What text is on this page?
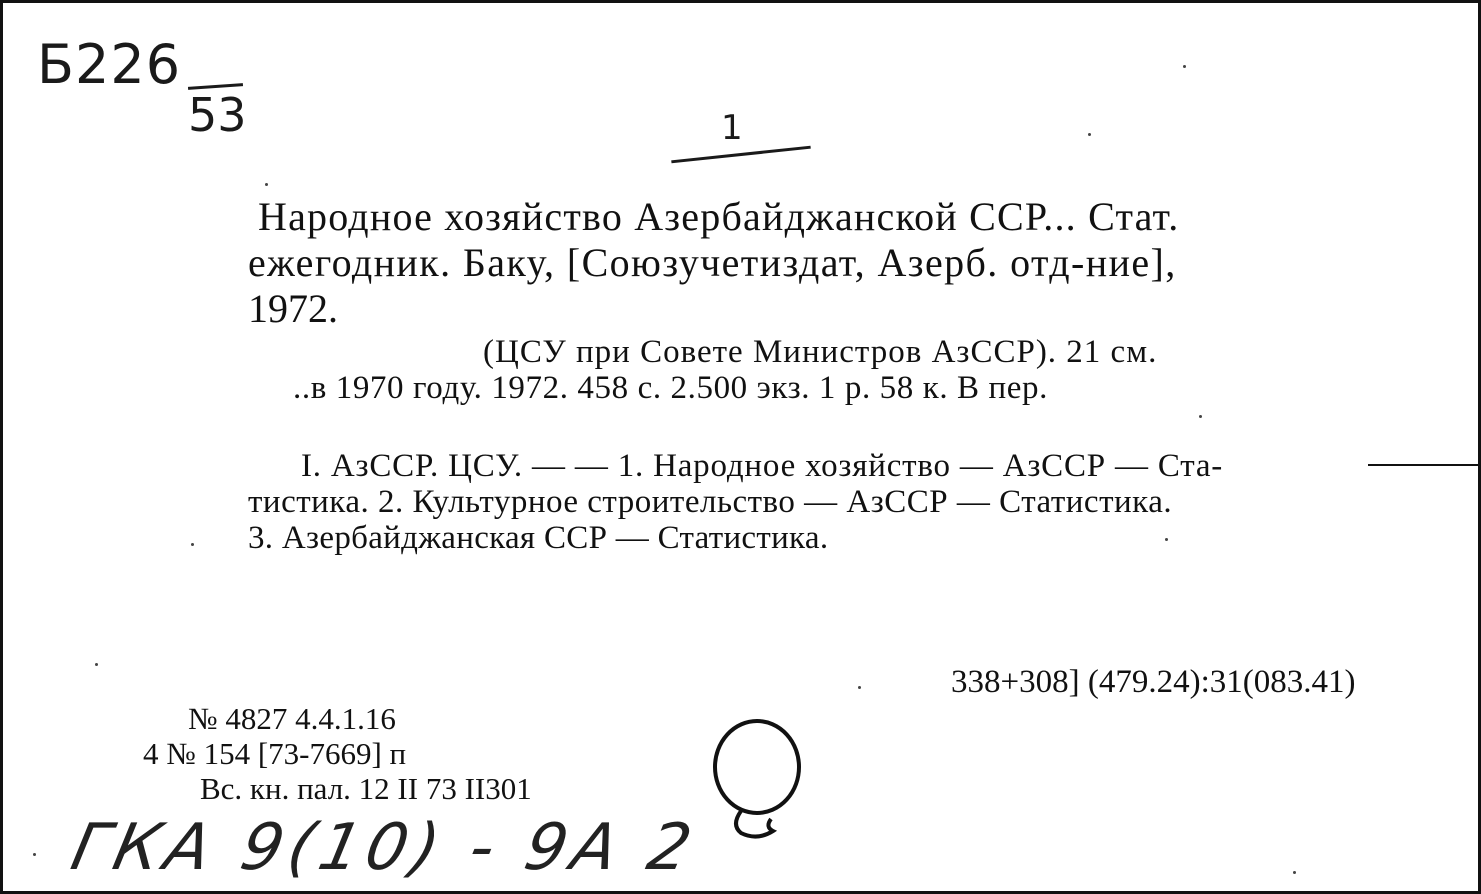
Б226
53	1

Народное хозяйство Азербайджанской ССР... Стат.

ежегодник. Баку, [Союзучетиздат, Азерб. отд-ние],

1972.

(ЦСУ при Совете Министров АзССР). 21 см.

..в 1970 году. 1972. 458 с. 2.500 экз. 1 р. 58 к. В пер.

I. АзССР. ЦСУ. — — 1. Народное хозяйство — АзССР — Ста-

тистика. 2. Культурное строительство — АзССР — Статистика.

3. Азербайджанская ССР — Статистика.

338+308] (479.24):31(083.41)

№ 4827 4.4.1.16

4 № 154 [73-7669] п

Вс. кн. пал. 12 II 73 II301

ГКА 9(10) - 9А 2
